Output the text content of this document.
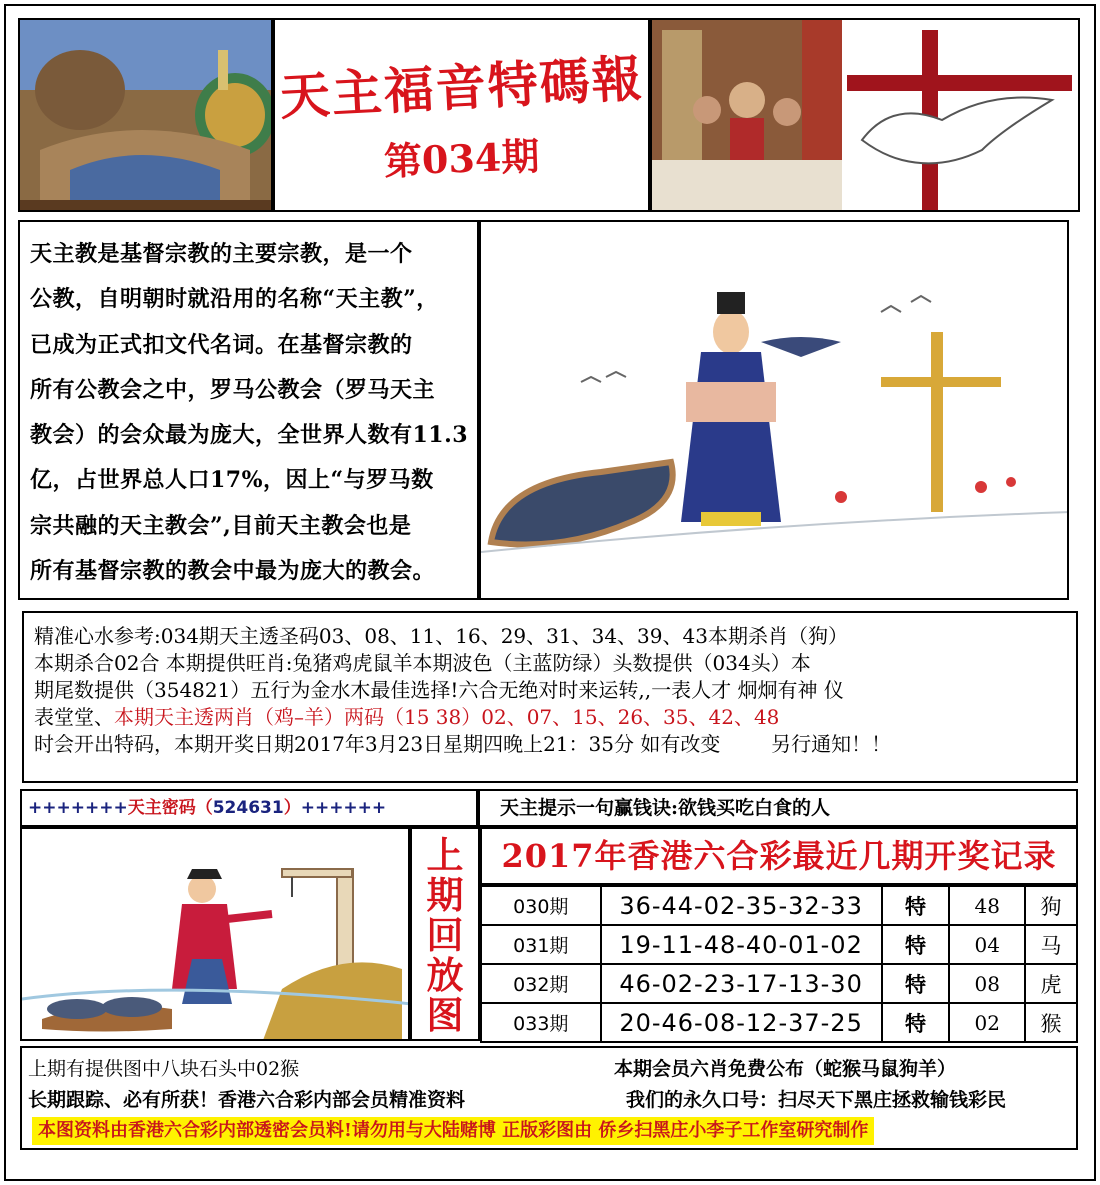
天主福音特碼報
第034期

天主教是基督宗教的主要宗教，是一个

公教，自明朝时就沿用的名称“天主教”，

已成为正式扣文代名词。在基督宗教的

所有公教会之中，罗马公教会（罗马天主

教会）的会众最为庞大，全世界人数有11.3

亿，占世界总人口17%，因上“与罗马数

宗共融的天主教会”,目前天主教会也是

所有基督宗教的教会中最为庞大的教会。

精准心水参考:034期天主透圣码03、08、11、16、29、31、34、39、43本期杀肖（狗）

本期杀合02合 本期提供旺肖:兔猪鸡虎鼠羊本期波色（主蓝防绿）头数提供（034头）本

期尾数提供（354821）五行为金水木最佳选择!六合无绝对时来运转,,一表人才 炯炯有神 仪

表堂堂、本期天主透两肖（鸡–羊）两码（15 38）02、07、15、26、35、42、48

时会开出特码，本期开奖日期2017年3月23日星期四晚上21：35分 如有改变        另行通知！！

+++++++天主密码（524631）++++++	天主提示一句赢钱诀:欲钱买吃白食的人
上
期
回
放
图
2017年香港六合彩最近几期开奖记录
030期	36-44-02-35-32-33	特	48	狗
031期	19-11-48-40-01-02	特	04	马
032期	46-02-23-17-13-30	特	08	虎
033期	20-46-08-12-37-25	特	02	猴
上期有提供图中八块石头中02猴	本期会员六肖免费公布（蛇猴马鼠狗羊）
长期跟踪、必有所获！香港六合彩内部会员精准资料	我们的永久口号：扫尽天下黑庄拯救输钱彩民
本图资料由香港六合彩内部透密会员料!请勿用与大陆赌博 正版彩图由 侨乡扫黑庄小李子工作室研究制作
